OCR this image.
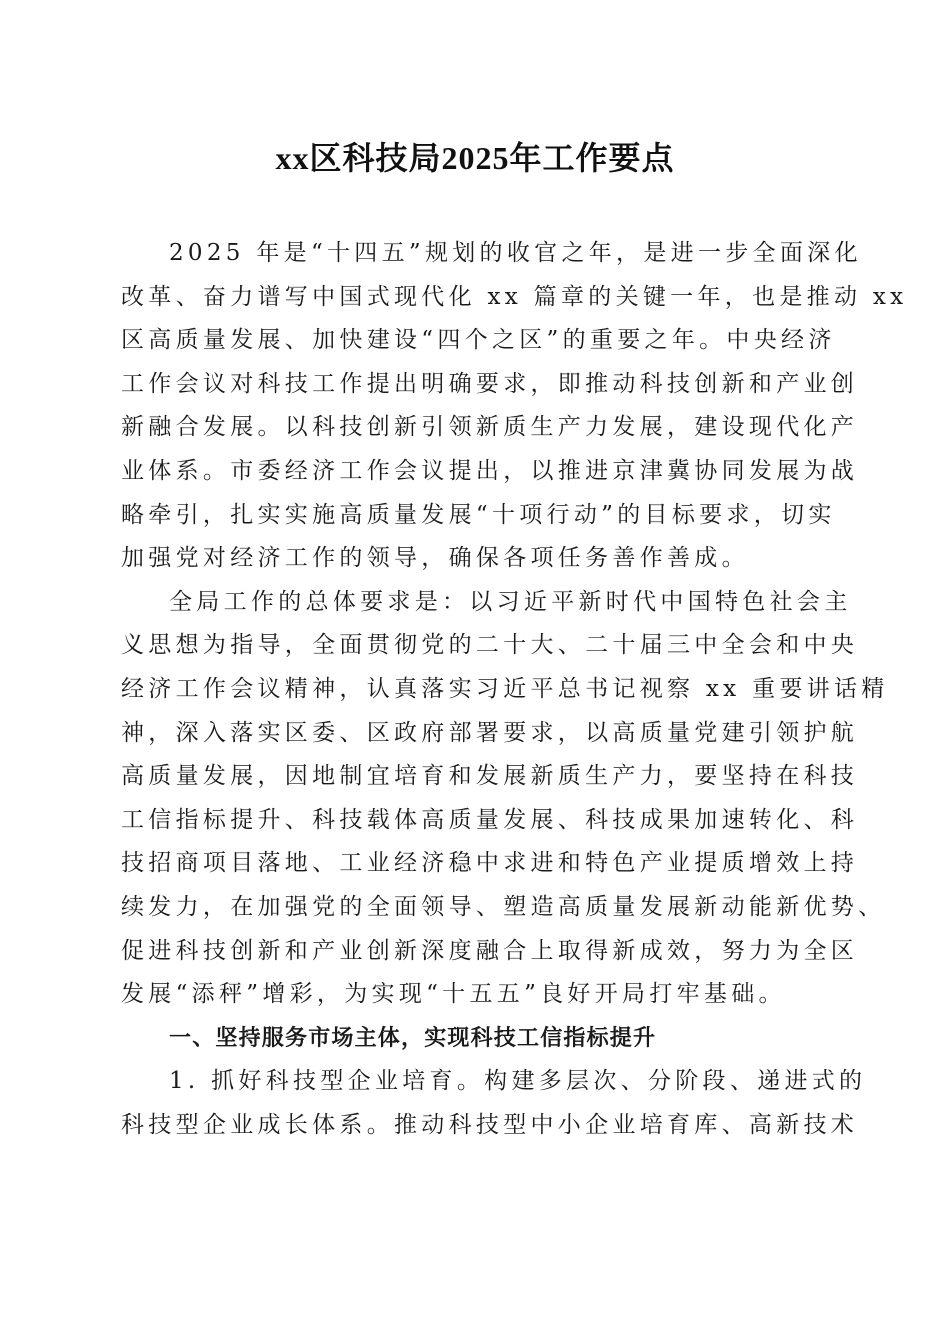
xx区科技局2025年工作要点
2025 年是“十四五”规划的收官之年，是进一步全面深化
改革、奋力谱写中国式现代化 xx 篇章的关键一年，也是推动 xx
区高质量发展、加快建设“四个之区”的重要之年。中央经济
工作会议对科技工作提出明确要求，即推动科技创新和产业创
新融合发展。以科技创新引领新质生产力发展，建设现代化产
业体系。市委经济工作会议提出，以推进京津冀协同发展为战
略牵引，扎实实施高质量发展“十项行动”的目标要求，切实
加强党对经济工作的领导，确保各项任务善作善成。
全局工作的总体要求是：以习近平新时代中国特色社会主
义思想为指导，全面贯彻党的二十大、二十届三中全会和中央
经济工作会议精神，认真落实习近平总书记视察 xx 重要讲话精
神，深入落实区委、区政府部署要求，以高质量党建引领护航
高质量发展，因地制宜培育和发展新质生产力，要坚持在科技
工信指标提升、科技载体高质量发展、科技成果加速转化、科
技招商项目落地、工业经济稳中求进和特色产业提质增效上持
续发力，在加强党的全面领导、塑造高质量发展新动能新优势、
促进科技创新和产业创新深度融合上取得新成效，努力为全区
发展“添秤”增彩，为实现“十五五”良好开局打牢基础。
一、坚持服务市场主体，实现科技工信指标提升
1. 抓好科技型企业培育。构建多层次、分阶段、递进式的
科技型企业成长体系。推动科技型中小企业培育库、高新技术
